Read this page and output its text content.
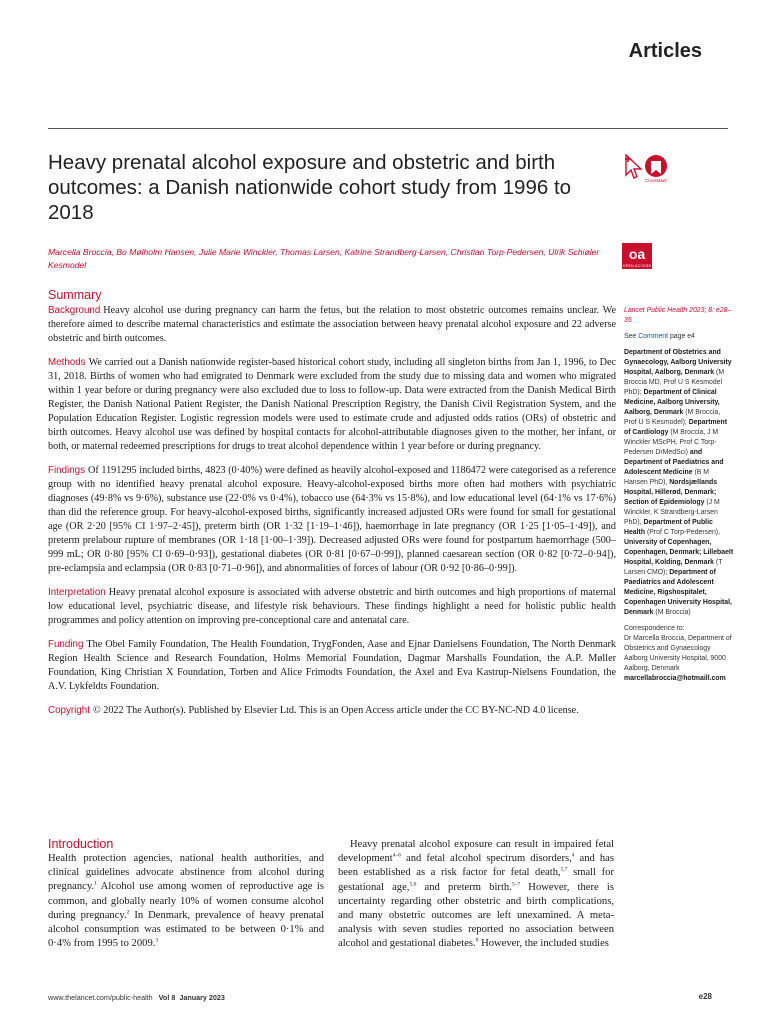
Articles
Heavy prenatal alcohol exposure and obstetric and birth outcomes: a Danish nationwide cohort study from 1996 to 2018
Marcella Broccia, Bo Mølholm Hansen, Julie Marie Winckler, Thomas Larsen, Katrine Strandberg-Larsen, Christian Torp-Pedersen, Ulrik Schiøler Kesmodel
CrossMark
oa
OPEN ACCESS
Summary

Background Heavy alcohol use during pregnancy can harm the fetus, but the relation to most obstetric outcomes remains unclear. We therefore aimed to describe maternal characteristics and estimate the association between heavy prenatal alcohol exposure and 22 adverse obstetric and birth outcomes.

Methods We carried out a Danish nationwide register-based historical cohort study, including all singleton births from Jan 1, 1996, to Dec 31, 2018. Births of women who had emigrated to Denmark were excluded from the study due to missing data and women who migrated within 1 year before or during pregnancy were also excluded due to loss to follow-up. Data were extracted from the Danish Medical Birth Register, the Danish National Patient Register, the Danish National Prescription Registry, the Danish Civil Registration System, and the Population Education Register. Logistic regression models were used to estimate crude and adjusted odds ratios (ORs) of obstetric and birth outcomes. Heavy alcohol use was defined by hospital contacts for alcohol-attributable diagnoses given to the mother, her infant, or both, or maternal redeemed prescriptions for drugs to treat alcohol dependence within 1 year before or during pregnancy.

Findings Of 1191295 included births, 4823 (0·40%) were defined as heavily alcohol-exposed and 1186472 were categorised as a reference group with no identified heavy prenatal alcohol exposure. Heavy-alcohol-exposed births more often had mothers with psychiatric diagnoses (49·8% vs 9·6%), substance use (22·0% vs 0·4%), tobacco use (64·3% vs 15·8%), and low educational level (64·1% vs 17·6%) than did the reference group. For heavy-alcohol-exposed births, significantly increased adjusted ORs were found for small for gestational age (OR 2·20 [95% CI 1·97–2·45]), preterm birth (OR 1·32 [1·19–1·46]), haemorrhage in late pregnancy (OR 1·25 [1·05–1·49]), and preterm prelabour rupture of membranes (OR 1·18 [1·00–1·39]). Decreased adjusted ORs were found for postpartum haemorrhage (500–999 mL; OR 0·80 [95% CI 0·69–0·93]), gestational diabetes (OR 0·81 [0·67–0·99]), planned caesarean section (OR 0·82 [0·72–0·94]), pre-eclampsia and eclampsia (OR 0·83 [0·71–0·96]), and abnormalities of forces of labour (OR 0·92 [0·86–0·99]).

Interpretation Heavy prenatal alcohol exposure is associated with adverse obstetric and birth outcomes and high proportions of maternal low educational level, psychiatric disease, and lifestyle risk behaviours. These findings highlight a need for holistic public health programmes and policy attention on improving pre-conceptional care and antenatal care.

Funding The Obel Family Foundation, The Health Foundation, TrygFonden, Aase and Ejnar Danielsens Foundation, The North Denmark Region Health Science and Research Foundation, Holms Memorial Foundation, Dagmar Marshalls Foundation, the A.P. Møller Foundation, King Christian X Foundation, Torben and Alice Frimodts Foundation, the Axel and Eva Kastrup-Nielsens Foundation, the A.V. Lykfeldts Foundation.

Copyright © 2022 The Author(s). Published by Elsevier Ltd. This is an Open Access article under the CC BY-NC-ND 4.0 license.

Introduction
Health protection agencies, national health authorities, and clinical guidelines advocate abstinence from alcohol during pregnancy.$^1$ Alcohol use among women of reproductive age is common, and globally nearly 10% of women consume alcohol during pregnancy.$^2$ In Denmark, prevalence of heavy prenatal alcohol consumption was estimated to be between 0·1% and 0·4% from 1995 to 2009.$^3$
Heavy prenatal alcohol exposure can result in impaired fetal development$^{4-6}$ and fetal alcohol spectrum disorders,$^4$ and has been established as a risk factor for fetal death,$^{5,7}$ small for gestational age,$^{5,6}$ and preterm birth.$^{5-7}$ However, there is uncertainty regarding other obstetric and birth complications, and many obstetric outcomes are left unexamined. A meta-analysis with seven studies reported no association between alcohol and gestational diabetes.$^8$ However, the included studies

Lancet Public Health 2023; 8: e28–35

See Comment page e4

Department of Obstetrics and Gynaecology, Aalborg University Hospital, Aalborg, Denmark (M Broccia MD, Prof U S Kesmodel PhD); Department of Clinical Medicine, Aalborg University, Aalborg, Denmark (M Broccia, Prof U S Kesmodel); Department of Cardiology (M Broccia, J M Winckler MScPH, Prof C Torp-Pedersen DrMedSci) and Department of Paediatrics and Adolescent Medicine (B M Hansen PhD), Nordsjællands Hospital, Hillerød, Denmark; Section of Epidemiology (J M Winckler, K Strandberg-Larsen PhD), Department of Public Health (Prof C Torp-Pedersen), University of Copenhagen, Copenhagen, Denmark; Lillebaelt Hospital, Kolding, Denmark (T Larsen CMO); Department of Paediatrics and Adolescent Medicine, Rigshospitalet, Copenhagen University Hospital, Denmark (M Broccia)

Correspondence to:
Dr Marcella Broccia, Department of Obstetrics and Gynaecology Aalborg University Hospital, 9000 Aalborg, Denmark
marcellabroccia@hotmaill.com

www.thelancet.com/public-health Vol 8 January 2023	e28
